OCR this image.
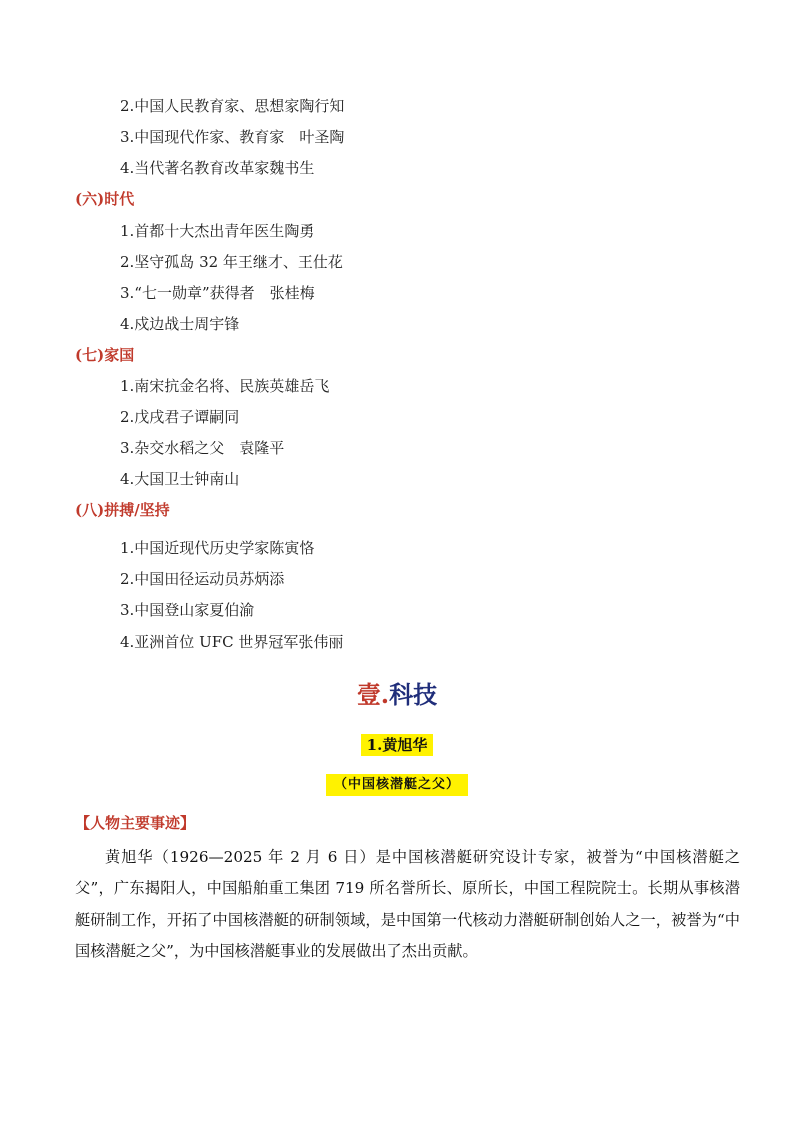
2.中国人民教育家、思想家陶行知
3.中国现代作家、教育家　叶圣陶
4.当代著名教育改革家魏书生
(六)时代
1.首都十大杰出青年医生陶勇
2.坚守孤岛 32 年王继才、王仕花
3.“七一勋章”获得者　张桂梅
4.戍边战士周宇锋
(七)家国
1.南宋抗金名将、民族英雄岳飞
2.戊戌君子谭嗣同
3.杂交水稻之父　袁隆平
4.大国卫士钟南山
(八)拼搏/坚持
1.中国近现代历史学家陈寅恪
2.中国田径运动员苏炳添
3.中国登山家夏伯渝
4.亚洲首位 UFC 世界冠军张伟丽
壹.科技
1.黄旭华
（中国核潜艇之父）
【人物主要事迹】

黄旭华（1926—2025 年 2 月 6 日）是中国核潜艇研究设计专家，被誉为“中国核潜艇之父”，广东揭阳人，中国船舶重工集团 719 所名誉所长、原所长，中国工程院院士。长期从事核潜艇研制工作，开拓了中国核潜艇的研制领域，是中国第一代核动力潜艇研制创始人之一，被誉为“中国核潜艇之父”，为中国核潜艇事业的发展做出了杰出贡献。
